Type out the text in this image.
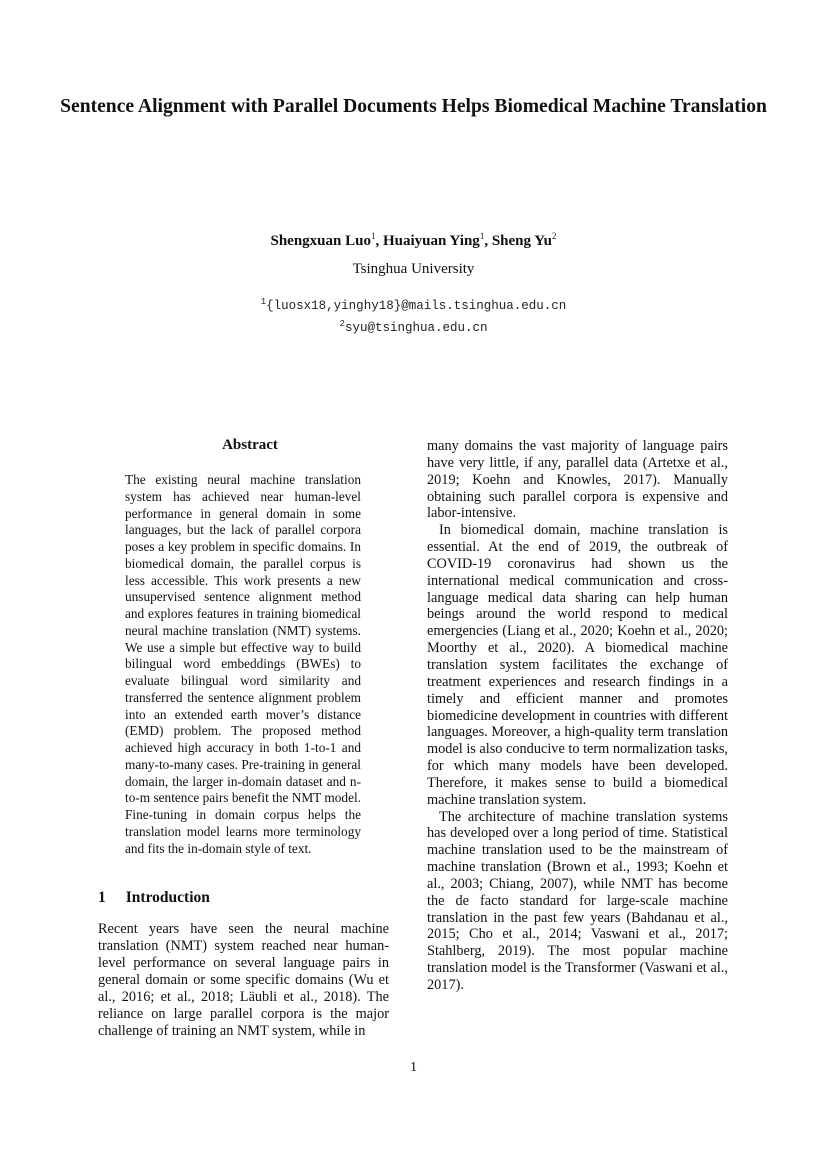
Sentence Alignment with Parallel Documents Helps Biomedical Machine Translation
Shengxuan Luo$^1$, Huaiyuan Ying$^1$, Sheng Yu$^2$
Tsinghua University
$^1${luosx18,yinghy18}@mails.tsinghua.edu.cn
$^2$syu@tsinghua.edu.cn
Abstract
The existing neural machine translation system has achieved near human-level performance in general domain in some languages, but the lack of parallel corpora poses a key problem in specific domains. In biomedical domain, the parallel corpus is less accessible. This work presents a new unsupervised sentence alignment method and explores features in training biomedical neural machine translation (NMT) systems. We use a simple but effective way to build bilingual word embeddings (BWEs) to evaluate bilingual word similarity and transferred the sentence alignment problem into an extended earth mover’s distance (EMD) problem. The proposed method achieved high accuracy in both 1-to-1 and many-to-many cases. Pre-training in general domain, the larger in-domain dataset and n-to-m sentence pairs benefit the NMT model. Fine-tuning in domain corpus helps the translation model learns more terminology and fits the in-domain style of text.
1 Introduction
Recent years have seen the neural machine translation (NMT) system reached near human-level performance on several language pairs in general domain or some specific domains (Wu et al., 2016; et al., 2018; Läubli et al., 2018). The reliance on large parallel corpora is the major challenge of training an NMT system, while in

many domains the vast majority of language pairs have very little, if any, parallel data (Artetxe et al., 2019; Koehn and Knowles, 2017). Manually obtaining such parallel corpora is expensive and labor-intensive.

In biomedical domain, machine translation is essential. At the end of 2019, the outbreak of COVID-19 coronavirus had shown us the international medical communication and cross-language medical data sharing can help human beings around the world respond to medical emergencies (Liang et al., 2020; Koehn et al., 2020; Moorthy et al., 2020). A biomedical machine translation system facilitates the exchange of treatment experiences and research findings in a timely and efficient manner and promotes biomedicine development in countries with different languages. Moreover, a high-quality term translation model is also conducive to term normalization tasks, for which many models have been developed. Therefore, it makes sense to build a biomedical machine translation system.

The architecture of machine translation systems has developed over a long period of time. Statistical machine translation used to be the mainstream of machine translation (Brown et al., 1993; Koehn et al., 2003; Chiang, 2007), while NMT has become the de facto standard for large-scale machine translation in the past few years (Bahdanau et al., 2015; Cho et al., 2014; Vaswani et al., 2017; Stahlberg, 2019). The most popular machine translation model is the Transformer (Vaswani et al., 2017).

1
